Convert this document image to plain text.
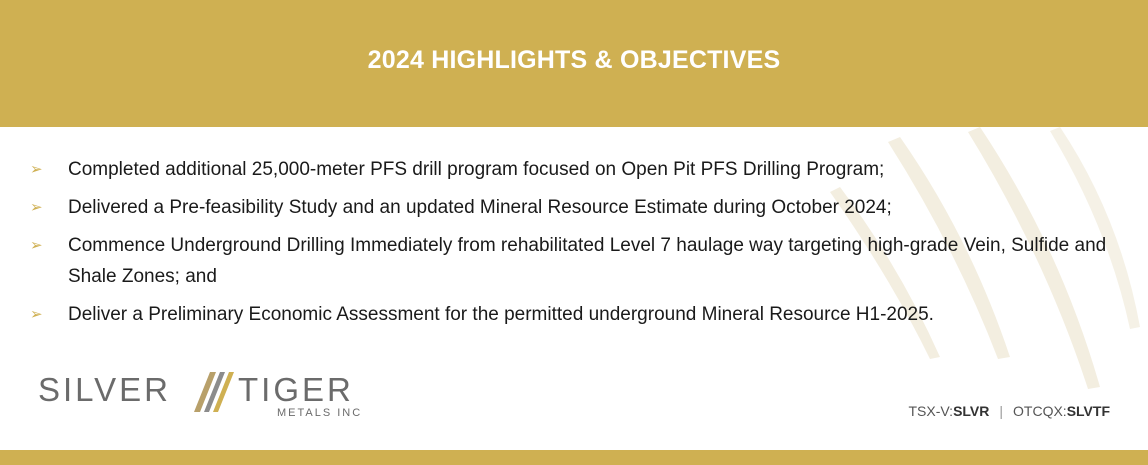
2024 HIGHLIGHTS & OBJECTIVES
➢ Completed additional 25,000-meter PFS drill program focused on Open Pit PFS Drilling Program;
➢ Delivered a Pre-feasibility Study and an updated Mineral Resource Estimate during October 2024;
➢ Commence Underground Drilling Immediately from rehabilitated Level 7 haulage way targeting high-grade Vein, Sulfide and Shale Zones; and
➢ Deliver a Preliminary Economic Assessment for the permitted underground Mineral Resource H1-2025.
SILVER TIGER
METALS INC	TSX-V:SLVR | OTCQX:SLVTF
